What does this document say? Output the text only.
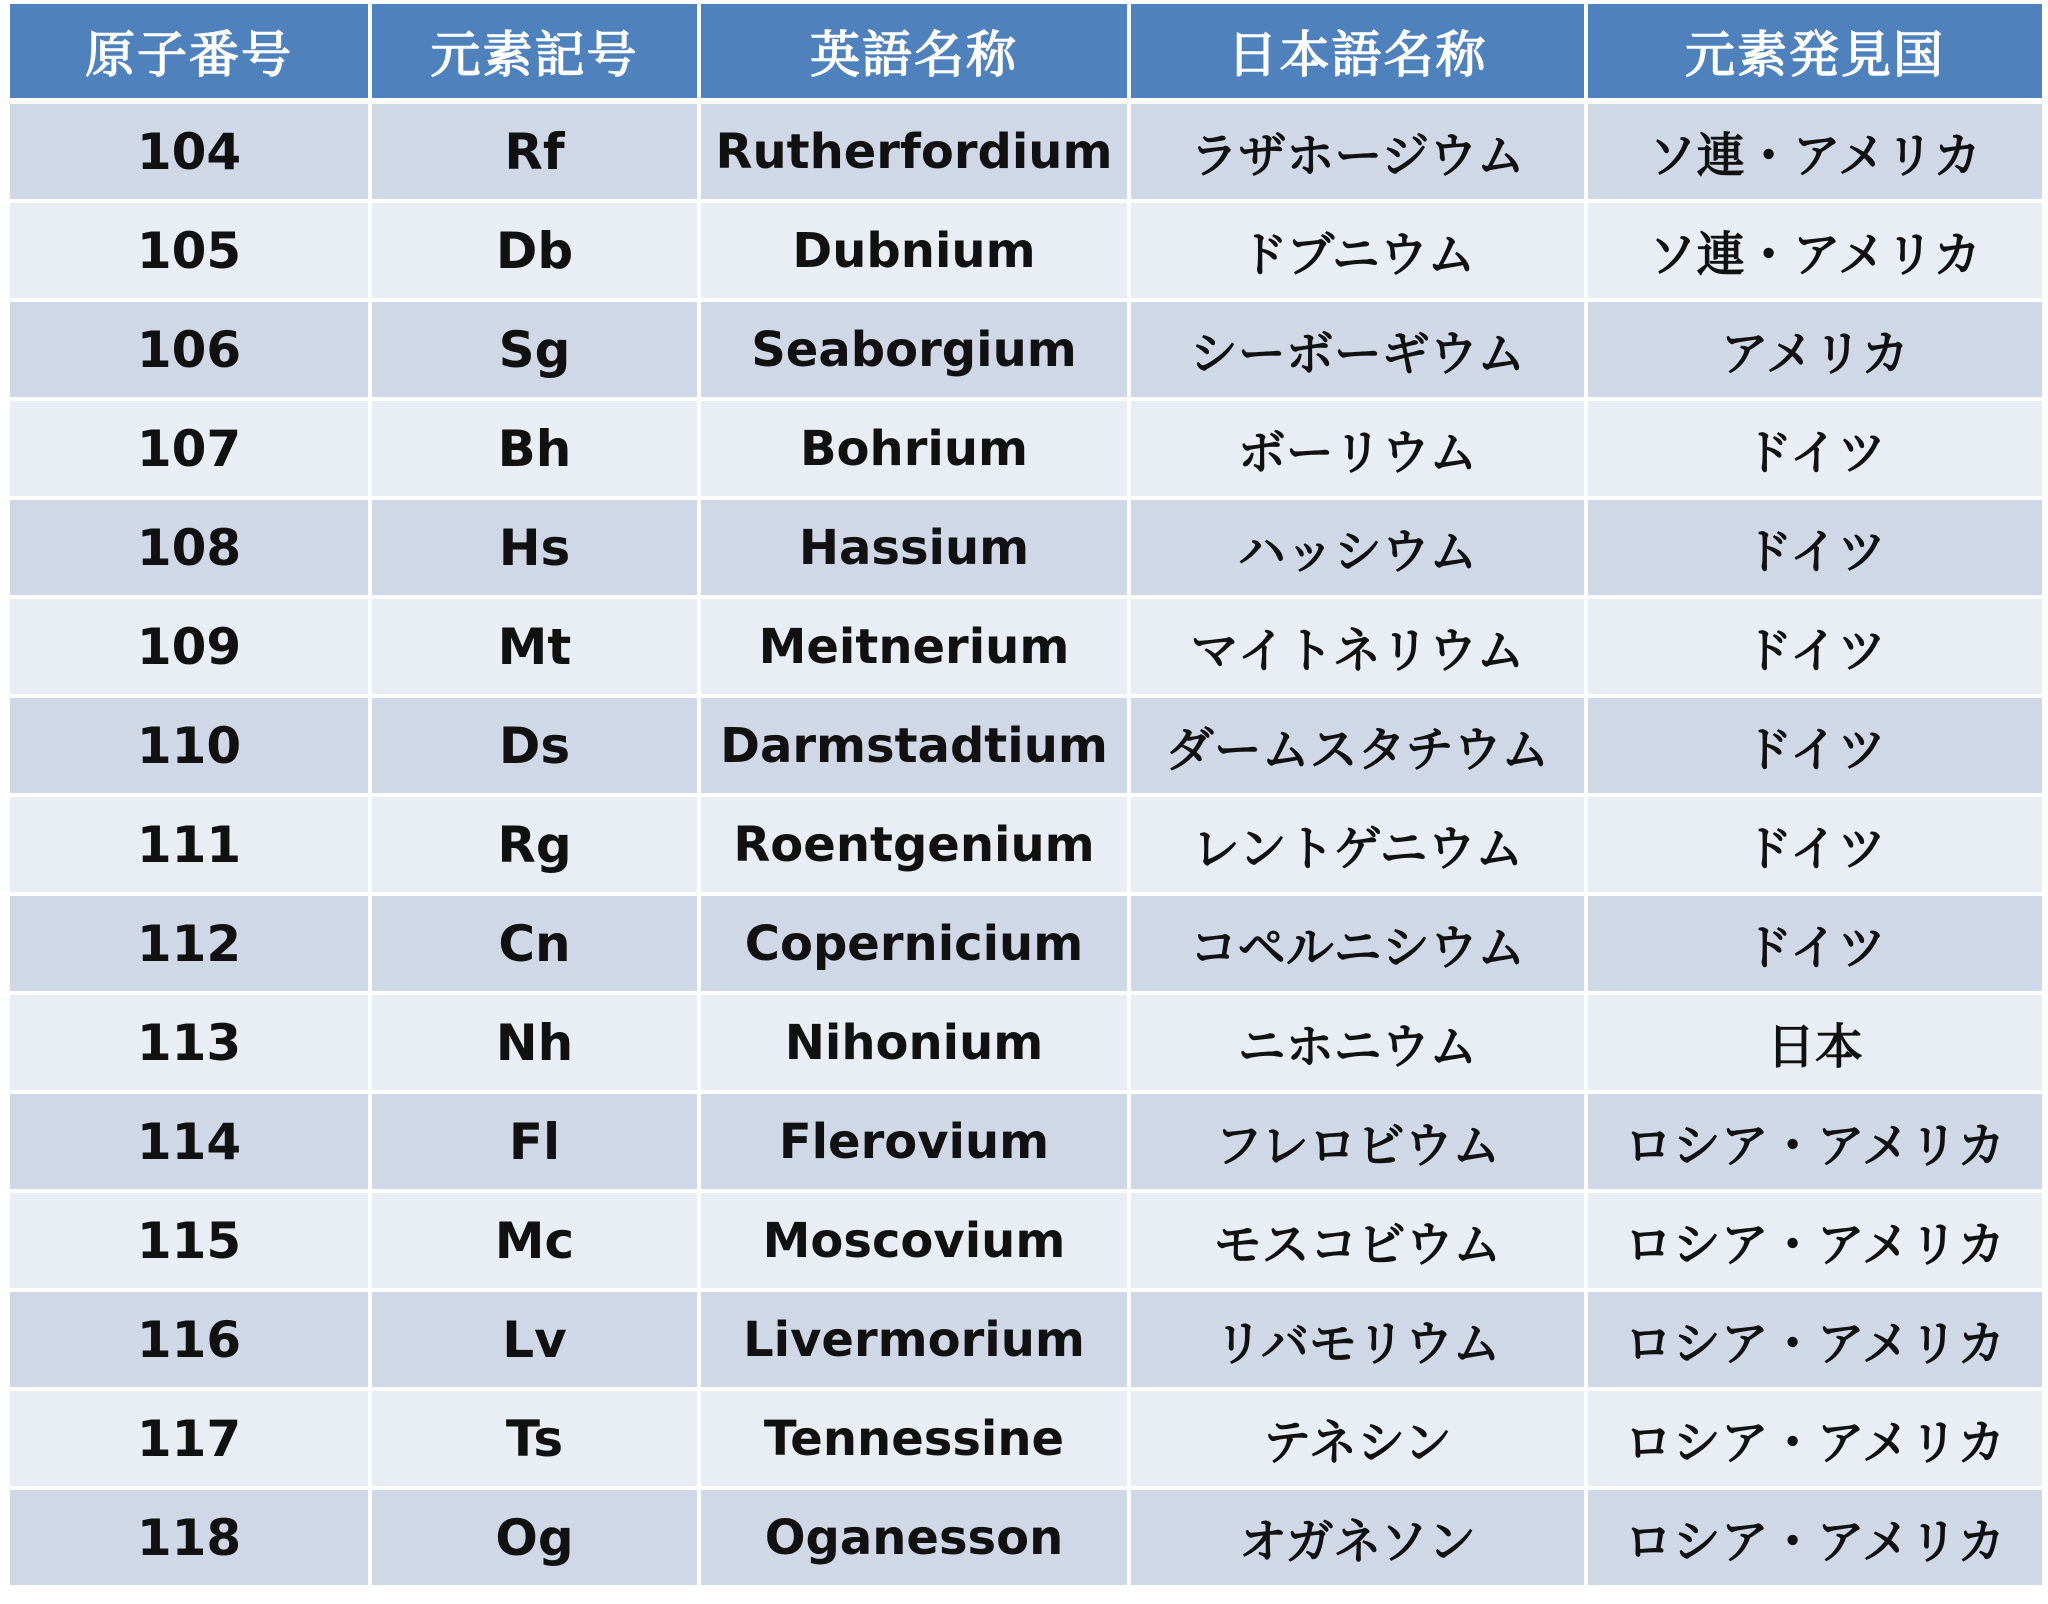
原子番号	元素記号	英語名称	日本語名称	元素発見国
104	Rf	Rutherfordium	ラザホージウム	ソ連・アメリカ
105	Db	Dubnium	ドブニウム	ソ連・アメリカ
106	Sg	Seaborgium	シーボーギウム	アメリカ
107	Bh	Bohrium	ボーリウム	ドイツ
108	Hs	Hassium	ハッシウム	ドイツ
109	Mt	Meitnerium	マイトネリウム	ドイツ
110	Ds	Darmstadtium	ダームスタチウム	ドイツ
111	Rg	Roentgenium	レントゲニウム	ドイツ
112	Cn	Copernicium	コペルニシウム	ドイツ
113	Nh	Nihonium	ニホニウム	日本
114	Fl	Flerovium	フレロビウム	ロシア・アメリカ
115	Mc	Moscovium	モスコビウム	ロシア・アメリカ
116	Lv	Livermorium	リバモリウム	ロシア・アメリカ
117	Ts	Tennessine	テネシン	ロシア・アメリカ
118	Og	Oganesson	オガネソン	ロシア・アメリカ
